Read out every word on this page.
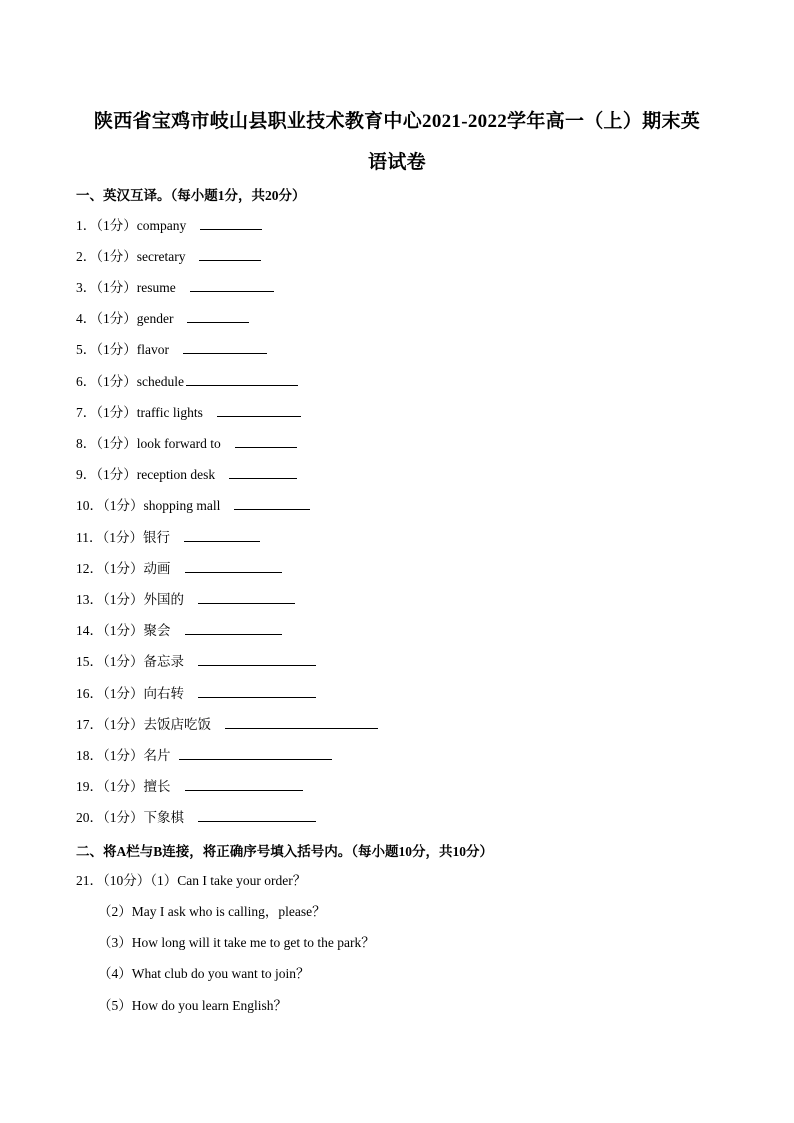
陕西省宝鸡市岐山县职业技术教育中心2021-2022学年高一（上）期末英
语试卷
一、英汉互译。（每小题1分，共20分）
1．（1分）company
2．（1分）secretary
3．（1分）resume
4．（1分）gender
5．（1分）flavor
6．（1分）schedule
7．（1分）traffic lights
8．（1分）look forward to
9．（1分）reception desk
10．（1分）shopping mall
11．（1分）银行
12．（1分）动画
13．（1分）外国的
14．（1分）聚会
15．（1分）备忘录
16．（1分）向右转
17．（1分）去饭店吃饭
18．（1分）名片
19．（1分）擅长
20．（1分）下象棋
二、将A栏与B连接，将正确序号填入括号内。（每小题10分，共10分）
21．（10分）（1）Can I take your order？
（2）May I ask who is calling，please？
（3）How long will it take me to get to the park？
（4）What club do you want to join？
（5）How do you learn English？
